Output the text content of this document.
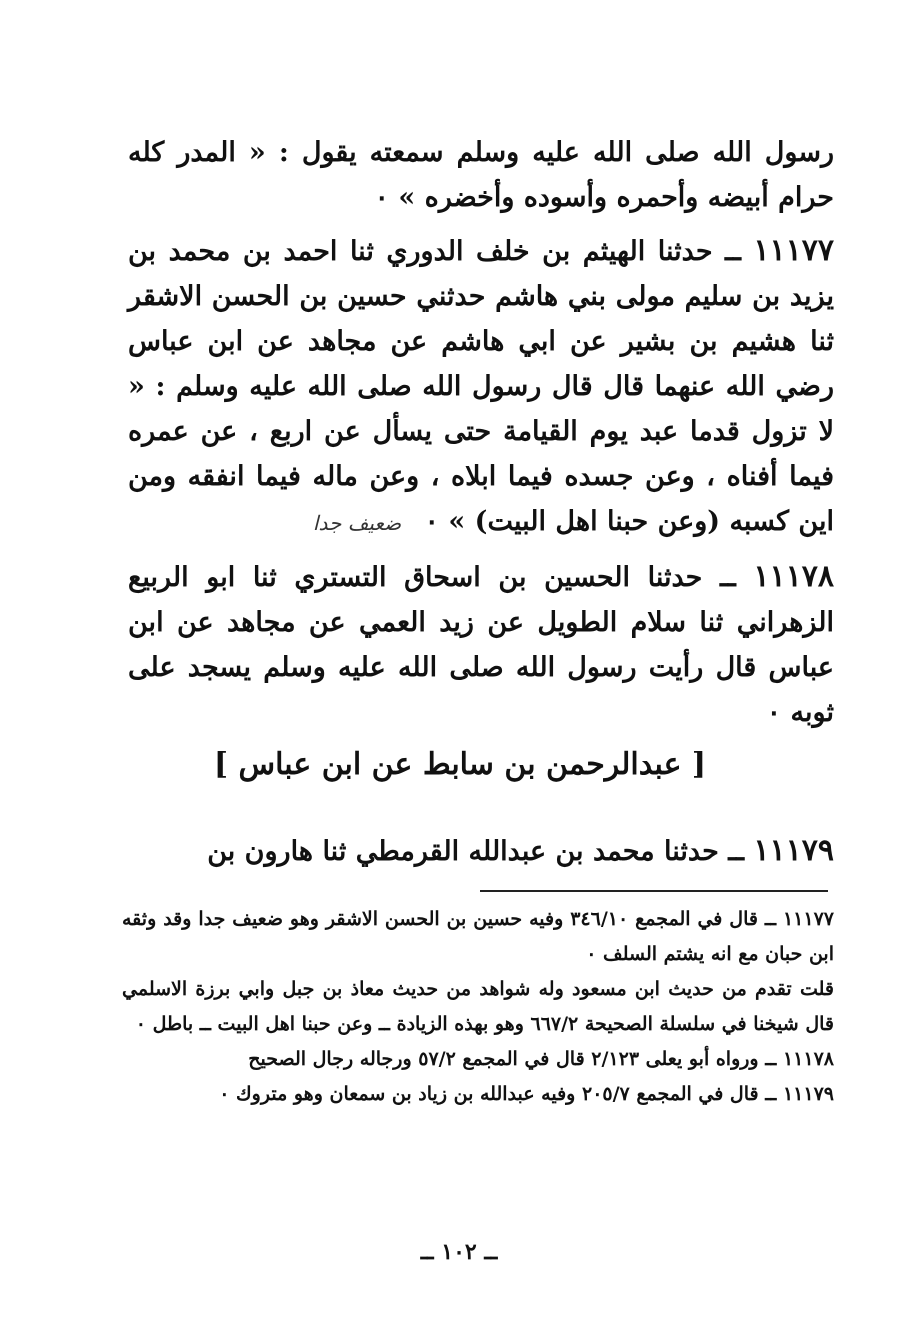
رسول الله صلى الله عليه وسلم سمعته يقول : « المدر كله حرام أبيضه وأحمره وأسوده وأخضره » ٠

١١١٧٧ ــ حدثنا الهيثم بن خلف الدوري ثنا احمد بن محمد بن يزيد بن سليم مولى بني هاشم حدثني حسين بن الحسن الاشقر ثنا هشيم بن بشير عن ابي هاشم عن مجاهد عن ابن عباس رضي الله عنهما قال قال رسول الله صلى الله عليه وسلم : « لا تزول قدما عبد يوم القيامة حتى يسأل عن اربع ، عن عمره فيما أفناه ، وعن جسده فيما ابلاه ، وعن ماله فيما انفقه ومن اين كسبه (وعن حبنا اهل البيت) » ٠ ضعيف جدا

١١١٧٨ ــ حدثنا الحسين بن اسحاق التستري ثنا ابو الربيع الزهراني ثنا سلام الطويل عن زيد العمي عن مجاهد عن ابن عباس قال رأيت رسول الله صلى الله عليه وسلم يسجد على ثوبه ٠

[ عبدالرحمن بن سابط عن ابن عباس ]
١١١٧٩ ــ حدثنا محمد بن عبدالله القرمطي ثنا هارون بن

١١١٧٧ ــ قال في المجمع ٣٤٦/١٠ وفيه حسين بن الحسن الاشقر وهو ضعيف جدا وقد وثقه ابن حبان مع انه يشتم السلف ٠

قلت تقدم من حديث ابن مسعود وله شواهد من حديث معاذ بن جبل وابي برزة الاسلمي قال شيخنا في سلسلة الصحيحة ٦٦٧/٢ وهو بهذه الزيادة ــ وعن حبنا اهل البيت ــ باطل ٠

١١١٧٨ ــ ورواه أبو يعلى ٢/١٢٣ قال في المجمع ٥٧/٢ ورجاله رجال الصحيح

١١١٧٩ ــ قال في المجمع ٢٠٥/٧ وفيه عبدالله بن زياد بن سمعان وهو متروك ٠

ــ ١٠٢ ــ
